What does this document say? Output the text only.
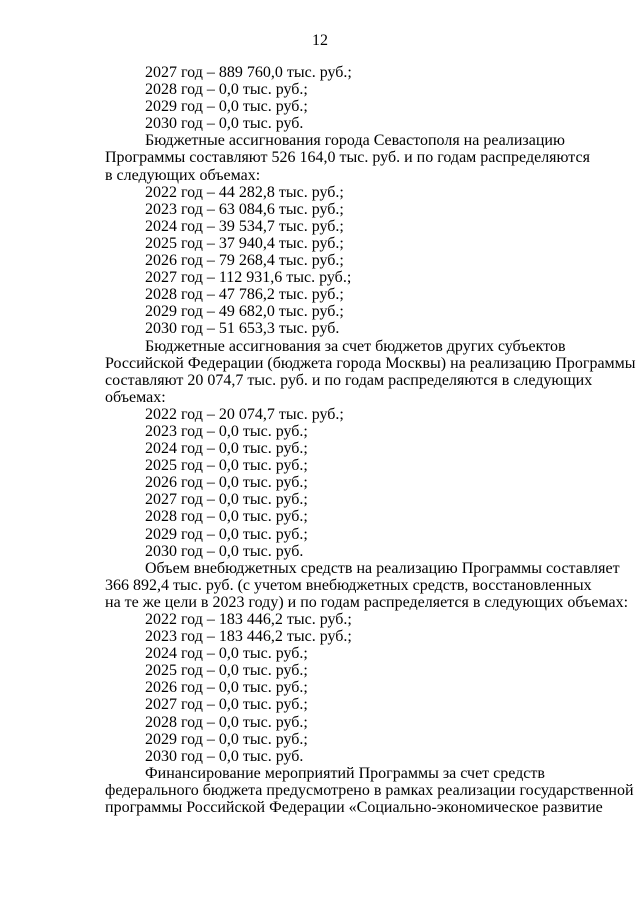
12
2027 год – 889 760,0 тыс. руб.;
2028 год – 0,0 тыс. руб.;
2029 год – 0,0 тыс. руб.;
2030 год – 0,0 тыс. руб.
Бюджетные ассигнования города Севастополя на реализацию
Программы составляют 526 164,0 тыс. руб. и по годам распределяются
в следующих объемах:
2022 год – 44 282,8 тыс. руб.;
2023 год – 63 084,6 тыс. руб.;
2024 год – 39 534,7 тыс. руб.;
2025 год – 37 940,4 тыс. руб.;
2026 год – 79 268,4 тыс. руб.;
2027 год – 112 931,6 тыс. руб.;
2028 год – 47 786,2 тыс. руб.;
2029 год – 49 682,0 тыс. руб.;
2030 год – 51 653,3 тыс. руб.
Бюджетные ассигнования за счет бюджетов других субъектов
Российской Федерации (бюджета города Москвы) на реализацию Программы
составляют 20 074,7 тыс. руб. и по годам распределяются в следующих
объемах:
2022 год – 20 074,7 тыс. руб.;
2023 год – 0,0 тыс. руб.;
2024 год – 0,0 тыс. руб.;
2025 год – 0,0 тыс. руб.;
2026 год – 0,0 тыс. руб.;
2027 год – 0,0 тыс. руб.;
2028 год – 0,0 тыс. руб.;
2029 год – 0,0 тыс. руб.;
2030 год – 0,0 тыс. руб.
Объем внебюджетных средств на реализацию Программы составляет
366 892,4 тыс. руб. (с учетом внебюджетных средств, восстановленных
на те же цели в 2023 году) и по годам распределяется в следующих объемах:
2022 год – 183 446,2 тыс. руб.;
2023 год – 183 446,2 тыс. руб.;
2024 год – 0,0 тыс. руб.;
2025 год – 0,0 тыс. руб.;
2026 год – 0,0 тыс. руб.;
2027 год – 0,0 тыс. руб.;
2028 год – 0,0 тыс. руб.;
2029 год – 0,0 тыс. руб.;
2030 год – 0,0 тыс. руб.
Финансирование мероприятий Программы за счет средств
федерального бюджета предусмотрено в рамках реализации государственной
программы Российской Федерации «Социально-экономическое развитие
